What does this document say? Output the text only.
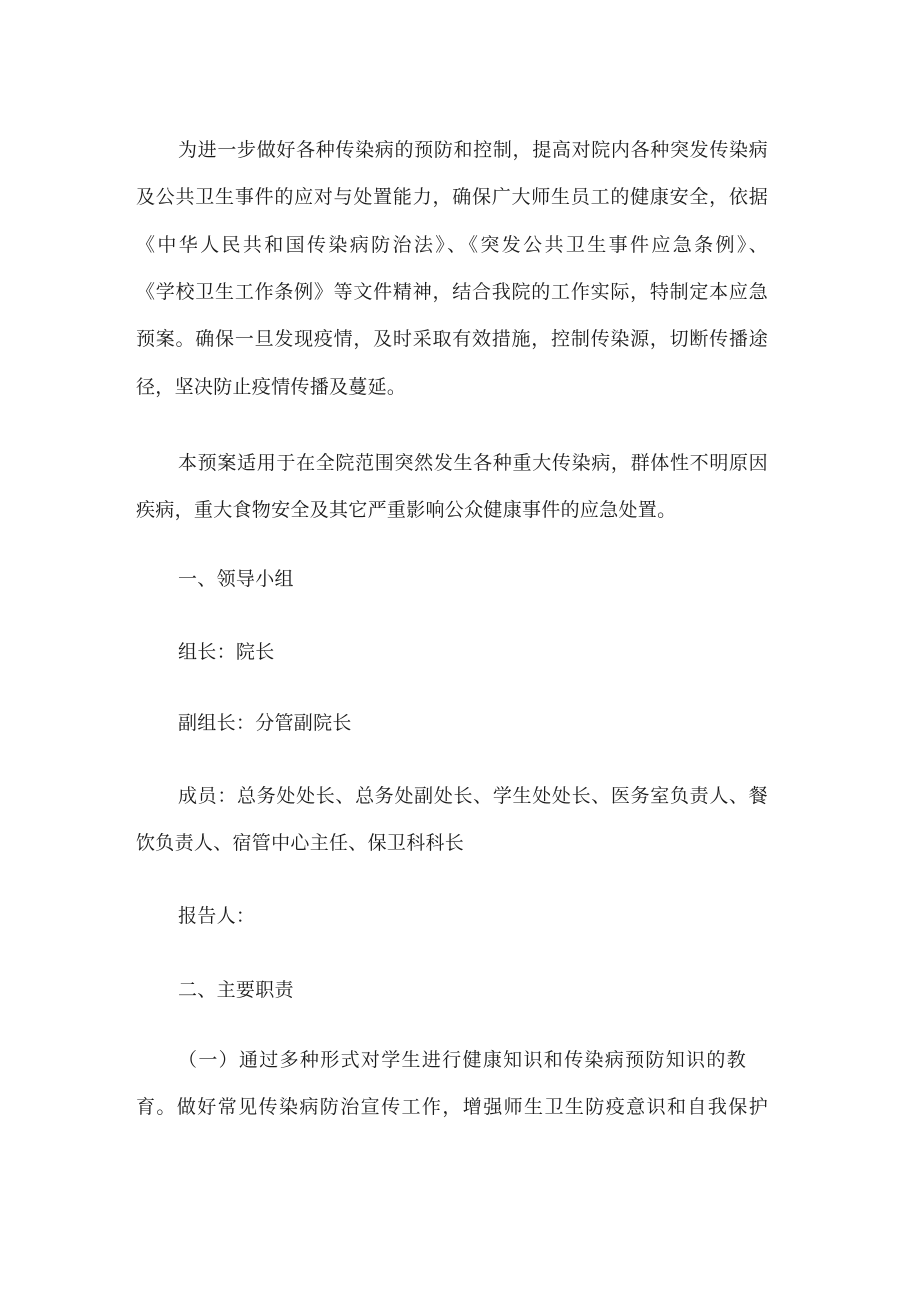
为进一步做好各种传染病的预防和控制，提高对院内各种突发传染病

及公共卫生事件的应对与处置能力，确保广大师生员工的健康安全，依据

《中华人民共和国传染病防治法》、《突发公共卫生事件应急条例》、

《学校卫生工作条例》等文件精神，结合我院的工作实际，特制定本应急

预案。确保一旦发现疫情，及时采取有效措施，控制传染源，切断传播途

径，坚决防止疫情传播及蔓延。

本预案适用于在全院范围突然发生各种重大传染病，群体性不明原因

疾病，重大食物安全及其它严重影响公众健康事件的应急处置。

一、领导小组

组长：院长

副组长：分管副院长

成员：总务处处长、总务处副处长、学生处处长、医务室负责人、餐

饮负责人、宿管中心主任、保卫科科长

报告人：

二、主要职责

（一）通过多种形式对学生进行健康知识和传染病预防知识的教

育。做好常见传染病防治宣传工作，增强师生卫生防疫意识和自我保护
